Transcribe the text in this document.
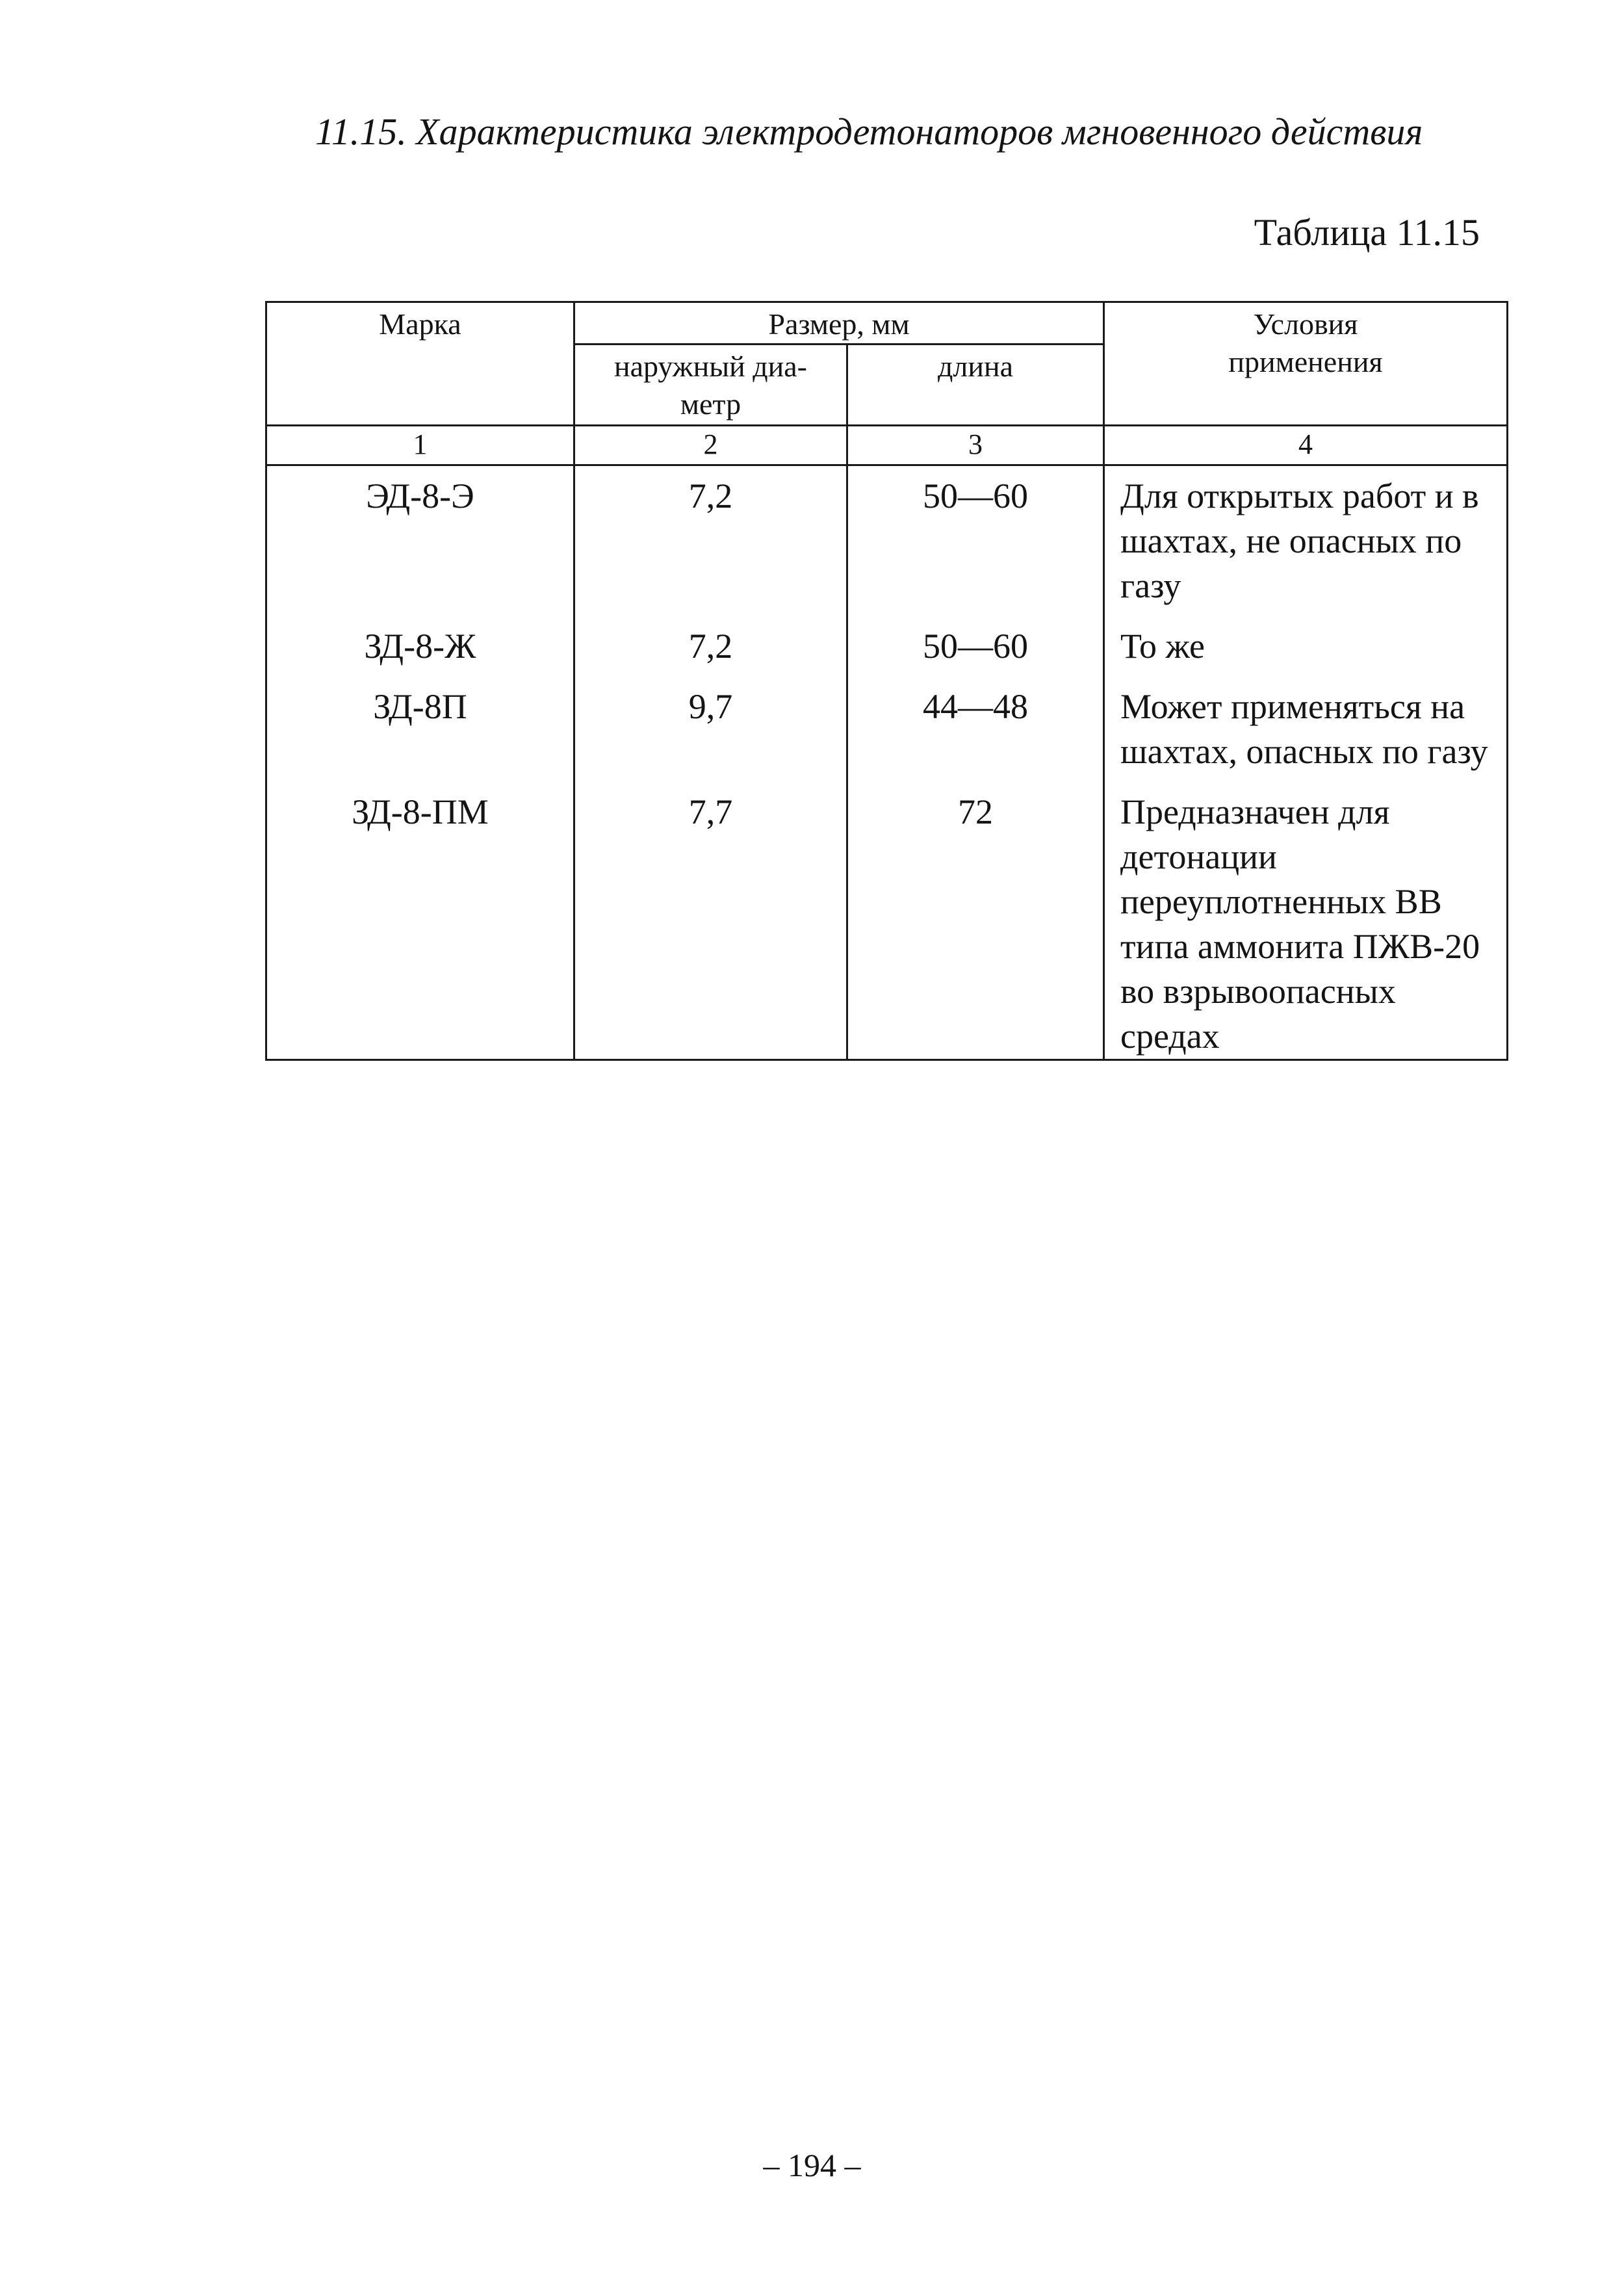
11.15. Характеристика электродетонаторов мгновенного действия
Таблица 11.15
Марка	Размер, мм		Условия применения
	наружный диа-метр	длина	
1	2	3	4
ЭД-8-Э	7,2	50—60	Для открытых работ и в шахтах, не опасных по газу

ЗД-8-Ж	7,2	50—60	То же

ЗД-8П	9,7	44—48	Может применяться на шахтах, опасных по газу

ЗД-8-ПМ	7,7	72	Предназначен для детонации переуплотненных ВВ типа аммонита ПЖВ-20 во взрывоопасных средах
– 194 –
